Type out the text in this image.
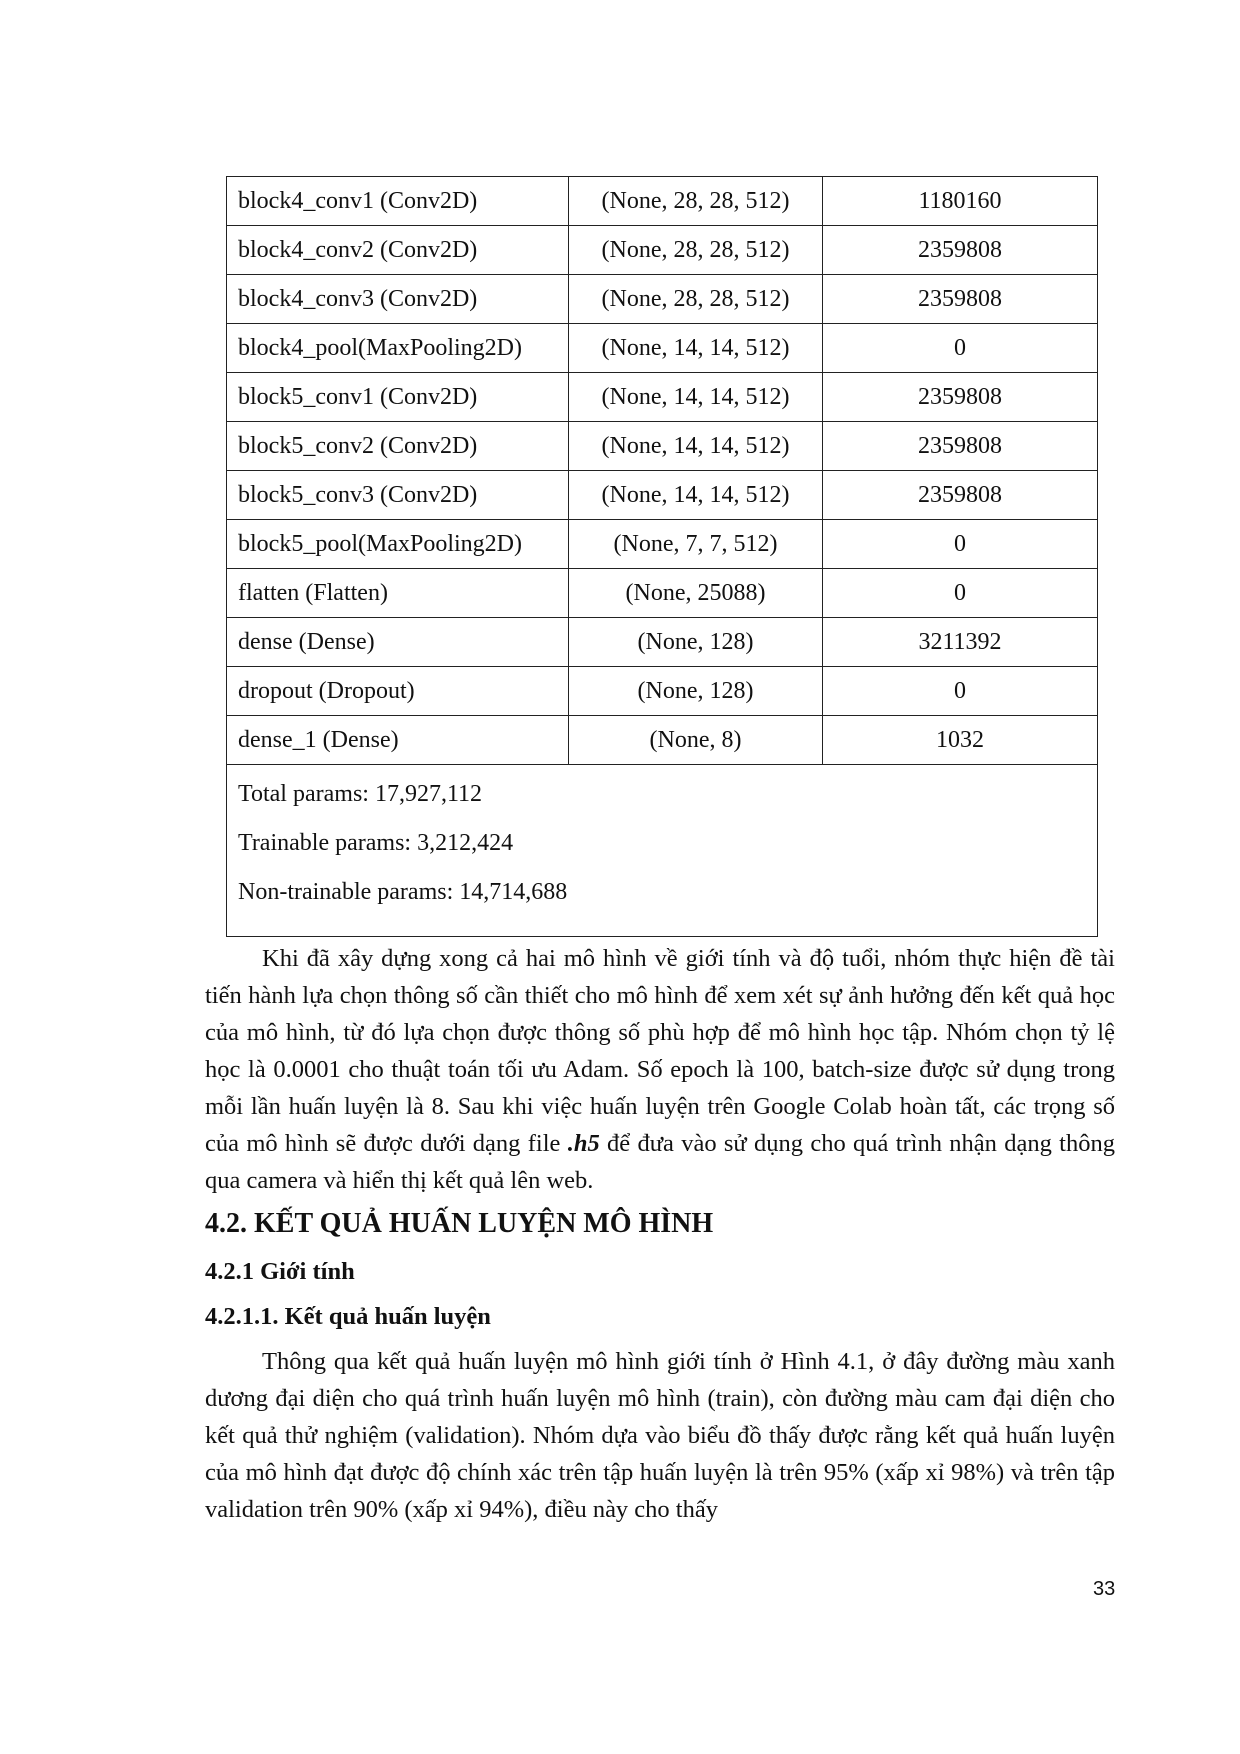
block4_conv1 (Conv2D)	(None, 28, 28, 512)	1180160
block4_conv2 (Conv2D)	(None, 28, 28, 512)	2359808
block4_conv3 (Conv2D)	(None, 28, 28, 512)	2359808
block4_pool(MaxPooling2D)	(None, 14, 14, 512)	0
block5_conv1 (Conv2D)	(None, 14, 14, 512)	2359808
block5_conv2 (Conv2D)	(None, 14, 14, 512)	2359808
block5_conv3 (Conv2D)	(None, 14, 14, 512)	2359808
block5_pool(MaxPooling2D)	(None, 7, 7, 512)	0
flatten (Flatten)	(None, 25088)	0
dense (Dense)	(None, 128)	3211392
dropout (Dropout)	(None, 128)	0
dense_1 (Dense)	(None, 8)	1032

Total params: 17,927,112
Trainable params: 3,212,424
Non-trainable params: 14,714,688		

Khi đã xây dựng xong cả hai mô hình về giới tính và độ tuổi, nhóm thực hiện đề tài tiến hành lựa chọn thông số cần thiết cho mô hình để xem xét sự ảnh hưởng đến kết quả học của mô hình, từ đó lựa chọn được thông số phù hợp để mô hình học tập. Nhóm chọn tỷ lệ học là 0.0001 cho thuật toán tối ưu Adam. Số epoch là 100, batch-size được sử dụng trong mỗi lần huấn luyện là 8. Sau khi việc huấn luyện trên Google Colab hoàn tất, các trọng số của mô hình sẽ được dưới dạng file .h5 để đưa vào sử dụng cho quá trình nhận dạng thông qua camera và hiển thị kết quả lên web.

4.2. KẾT QUẢ HUẤN LUYỆN MÔ HÌNH
4.2.1 Giới tính
4.2.1.1. Kết quả huấn luyện

Thông qua kết quả huấn luyện mô hình giới tính ở Hình 4.1, ở đây đường màu xanh dương đại diện cho quá trình huấn luyện mô hình (train), còn đường màu cam đại diện cho kết quả thử nghiệm (validation). Nhóm dựa vào biểu đồ thấy được rằng kết quả huấn luyện của mô hình đạt được độ chính xác trên tập huấn luyện là trên 95% (xấp xỉ 98%) và trên tập validation trên 90% (xấp xỉ 94%), điều này cho thấy

33
